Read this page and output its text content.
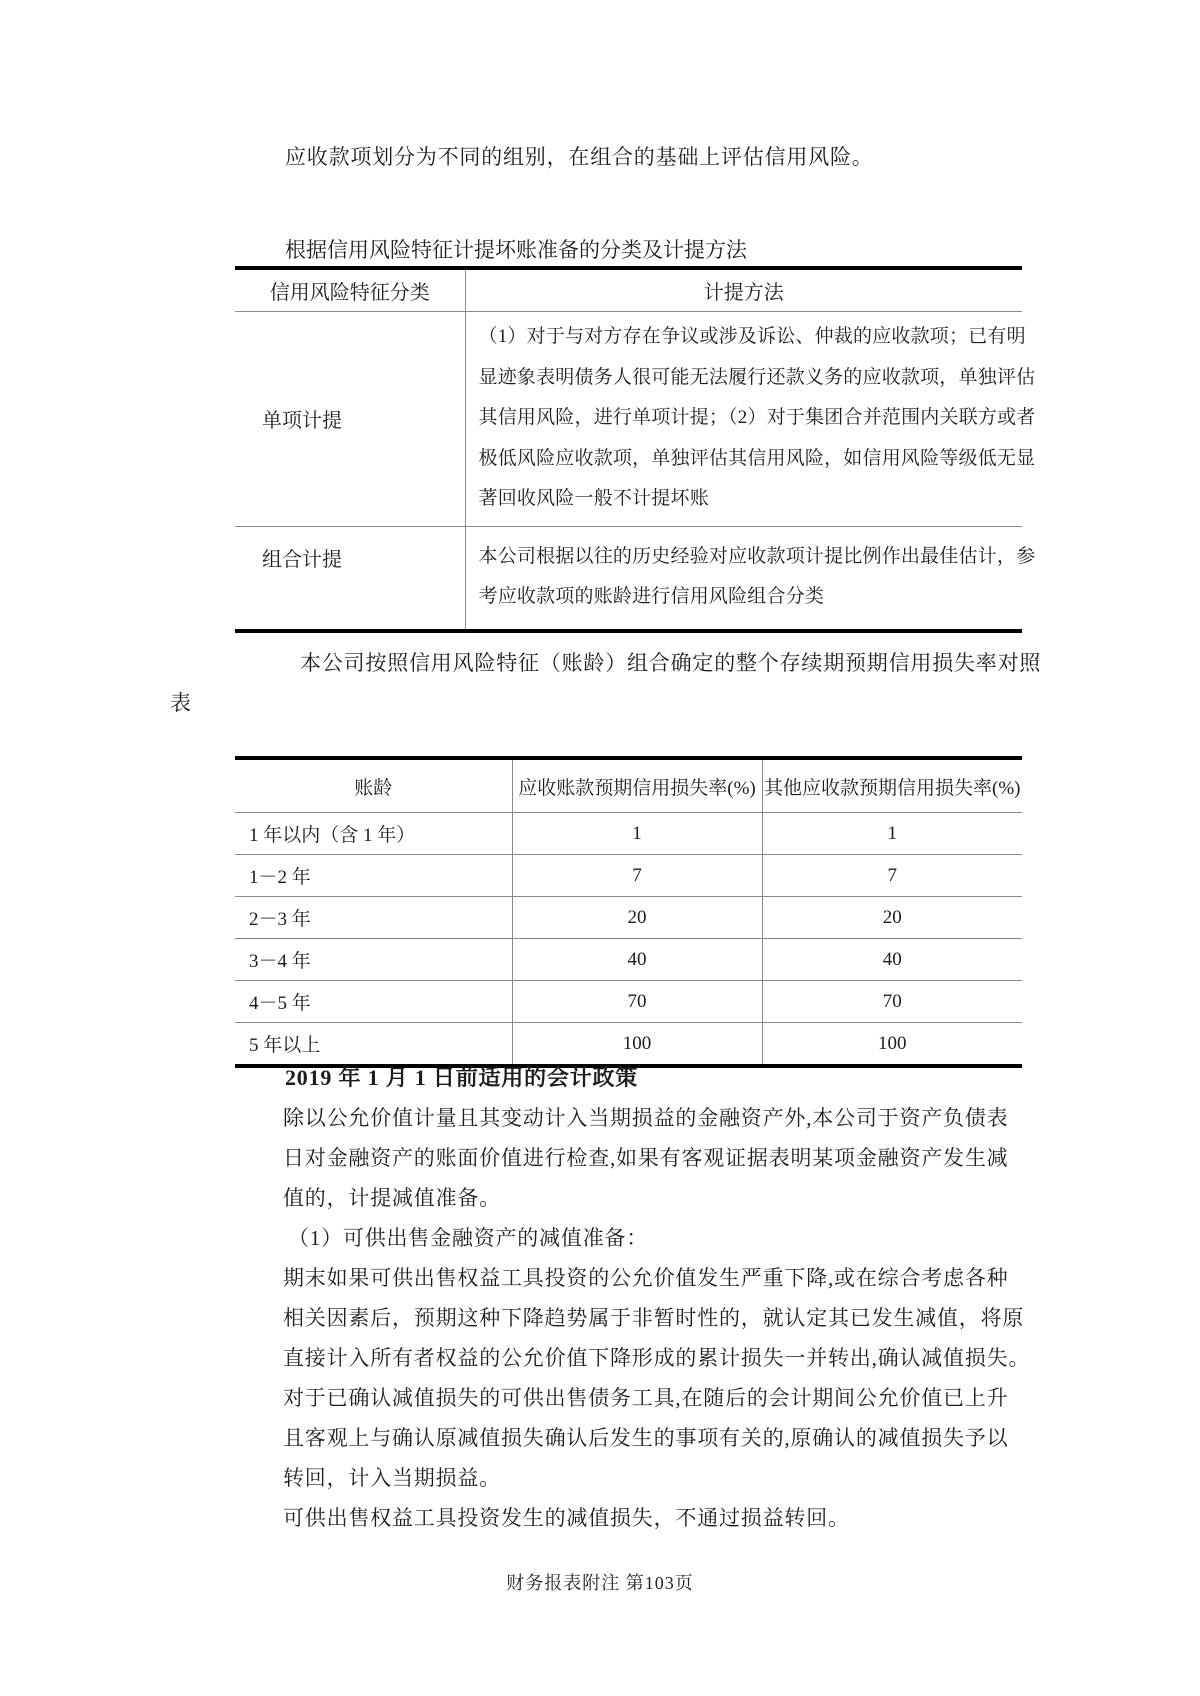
应收款项划分为不同的组别，在组合的基础上评估信用风险。
根据信用风险特征计提坏账准备的分类及计提方法
信用风险特征分类	计提方法
单项计提	（1）对于与对方存在争议或涉及诉讼、仲裁的应收款项；已有明
显迹象表明债务人很可能无法履行还款义务的应收款项，单独评估
其信用风险，进行单项计提；（2）对于集团合并范围内关联方或者
极低风险应收款项，单独评估其信用风险，如信用风险等级低无显
著回收风险一般不计提坏账

组合计提	本公司根据以往的历史经验对应收款项计提比例作出最佳估计，参
考应收款项的账龄进行信用风险组合分类
本公司按照信用风险特征（账龄）组合确定的整个存续期预期信用损失率对照
表
账龄	应收账款预期信用损失率(%)	其他应收款预期信用损失率(%)
1 年以内（含 1 年）	1	1
1－2 年	7	7
2－3 年	20	20
3－4 年	40	40
4－5 年	70	70
5 年以上	100	100
2019 年 1 月 1 日前适用的会计政策
除以公允价值计量且其变动计入当期损益的金融资产外,本公司于资产负债表
日对金融资产的账面价值进行检查,如果有客观证据表明某项金融资产发生减
值的，计提减值准备。
（1）可供出售金融资产的减值准备：
期末如果可供出售权益工具投资的公允价值发生严重下降,或在综合考虑各种
相关因素后，预期这种下降趋势属于非暂时性的，就认定其已发生减值，将原
直接计入所有者权益的公允价值下降形成的累计损失一并转出,确认减值损失。
对于已确认减值损失的可供出售债务工具,在随后的会计期间公允价值已上升
且客观上与确认原减值损失确认后发生的事项有关的,原确认的减值损失予以
转回，计入当期损益。
可供出售权益工具投资发生的减值损失，不通过损益转回。
财务报表附注 第103页
